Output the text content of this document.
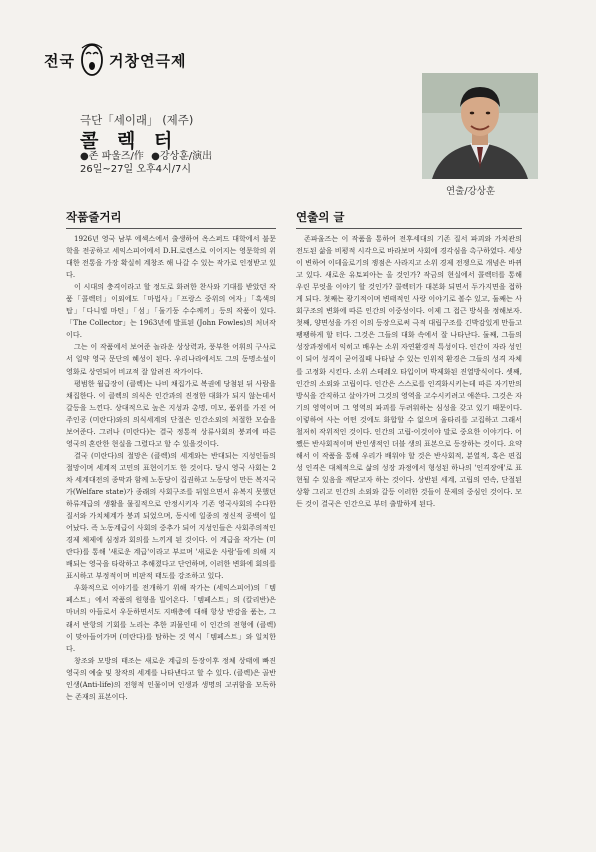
전국 거창연극제
극단「세이래」 (제주)
콜 렉 터
●존 파울즈/作 ●강상훈/演出
26일~27일 오후4시/7시
연출/강상훈
작품줄거리

1926년 영국 남부 에섹스에서 출생하여 옥스퍼드 대학에서 불문학을 전공하고 세익스피어에서 D.H.로렌스로 이어지는 영문학의 위대한 전통을 가장 확실히 계창조 해 나갈 수 있는 작가로 인정받고 있다.

이 시대의 충격이라고 할 정도로 화려한 찬사와 기대를 받았던 작품「콜렉터」이외에도「마법사」「프랑스 중위의 여자」「흑색의 탑」「다니엘 마틴」「섬」「둘기둥 수수께끼」등의 작품이 있다.「The Collector」는 1963년에 발표된 (John Fowles)의 처녀작이다.

그는 이 작품에서 보여준 놀라운 상상력과, 풍부한 어휘의 구사로서 일약 영국 문단의 혜성이 된다. 우리나라에서도 그의 동명소설이 영화로 상연되어 비교적 잘 알려진 작가이다.

평범한 월급장이 (클렉)는 나비 채집가로 복권에 당첨된 뒤 사람을 채집한다. 이 클렉의 의식은 인간과의 진정한 대화가 되지 않는데서 갈등을 느낀다. 상대적으로 높은 지성과 총명, 미모, 품위를 가진 여주인공 (미란다)와의 의식세계의 단절은 인간소외의 처절한 모습을 보여준다. 그러나 (미란다)는 결국 정통적 상류사회의 붕괴에 따른 영국의 혼란한 현실을 그렸다고 할 수 있을것이다.

결국 (미란다)의 절망은 (클렉)의 세계와는 반대되는 지성인들의 절망이며 세계적 고민의 표현이기도 한 것이다. 당시 영국 사회는 2차 세계대전의 종막과 함께 노동당이 집권하고 노동당이 만든 복지국가(Welfare state)가 종래의 사회구조를 뒤엎으면서 유복지 못했던 하류계급의 생활을 물질적으로 안정시키자 기존 영국사회의 수다한 질서와 가치체계가 붕괴 되었으며, 동시에 일종의 정신적 공백이 일어났다. 즉 노동계급이 사회의 중추가 되어 지성인들은 사회주의적인 경제 체제에 심정과 회의를 느끼게 된 것이다. 이 계급을 작가는 (미란다)를 통해 '새로운 계급'이라고 부르며 '새로운 사람'들에 의해 지배되는 영국을 타락하고 추해졌다고 단언하며, 이러한 변화에 회의를 표시하고 부정적이며 비판적 태도를 강조하고 있다.

우화적으로 이야기를 전개하기 위해 작가는 (세익스피어)의「템페스트」에서 작품의 원형을 빌어온다.「템페스트」의 (칼리반)은 마녀의 아들로서 우둔하면서도 지배층에 대해 항상 반감을 품는, 그래서 반항의 기회를 노리는 추한 괴물인데 이 인간의 전형에 (클렉)이 맞아들어가며 (미란다)를 탐하는 것 역시「템페스트」와 일치한다.

창조와 모방의 태조는 새로운 계급의 등장이후 정체 상태에 빠진 영국의 예술 및 창작의 세계를 나타낸다고 할 수 있다. (클렉)은 골반인생(Anti-life)의 전형적 인물이며 인생과 생명의 고귀함을 모독하는 존재의 표본이다.

연출의 글

존파울즈는 이 작품을 통하여 전후세대의 기존 질서 파괴와 가치관의 전도된 삶을 비평적 시각으로 바라보며 사회에 경각심을 촉구하였다. 세상이 변하여 이데올로기의 쟁점은 사라지고 소위 경제 전쟁으로 개념은 바뀌고 있다. 새로운 유토피아는 올 것인가? 작금의 현실에서 콜렉터를 통해 우린 무엇을 이야기 할 것인가? 콜렉터가 대본화 되면서 두가지면을 접하게 되다. 첫째는 광기적이며 변태적인 사랑 이야기로 볼수 있고, 둘째는 사회구조의 변화에 따른 인간의 이중성이다. 이제 그 접근 방식을 정해보자. 첫째, 양면성을 가진 이의 등장으로써 극적 대립구조를 긴박감있게 만들고 팽팽하게 할 터다. 그것은 그들의 대화 속에서 잘 나타난다. 둘째, 그들의 성장과정에서 익히고 배우는 소위 자연환경적 특성이다. 인간이 자라 성인이 되어 성격이 굳어질때 나타날 수 있는 인위적 환경은 그들의 성격 자체를 고정화 시킨다. 소위 스테레오 타입이며 박제화된 진열방식이다. 셋째, 인간의 소외와 고립이다. 인간은 스스로를 인격화시키는데 따른 자기만의 방식을 간직하고 살아가며 그것의 영역을 고수시키려고 애쓴다. 그것은 자기의 영역이며 그 영역의 파괴를 두려워하는 심성을 갖고 있기 때문이다. 이렇하여 사는 어떤 것에도 화합할 수 없으며 울타리를 고집하고 그래서 철저히 작위적인 것이다. 인간의 고립-이것이야 말로 중요한 이야기다. 어쨌든 반사회적이며 반인생적인 더블 생의 표본으로 등장하는 것이다. 요약해서 이 작품을 통해 우리가 배워야 할 것은 반사회적, 분열적, 혹은 편집성 인격은 대체적으로 삶의 성장 과정에서 형성된 하나의 '인격장애'로 표현될 수 있음을 깨닫고자 하는 것이다. 상반된 세계, 고립의 연속, 단절된 상황 그리고 인간의 소외와 갈등 이러한 것들이 문제의 중심인 것이다. 모든 것이 결국은 인간으로 부터 출발하게 된다.
